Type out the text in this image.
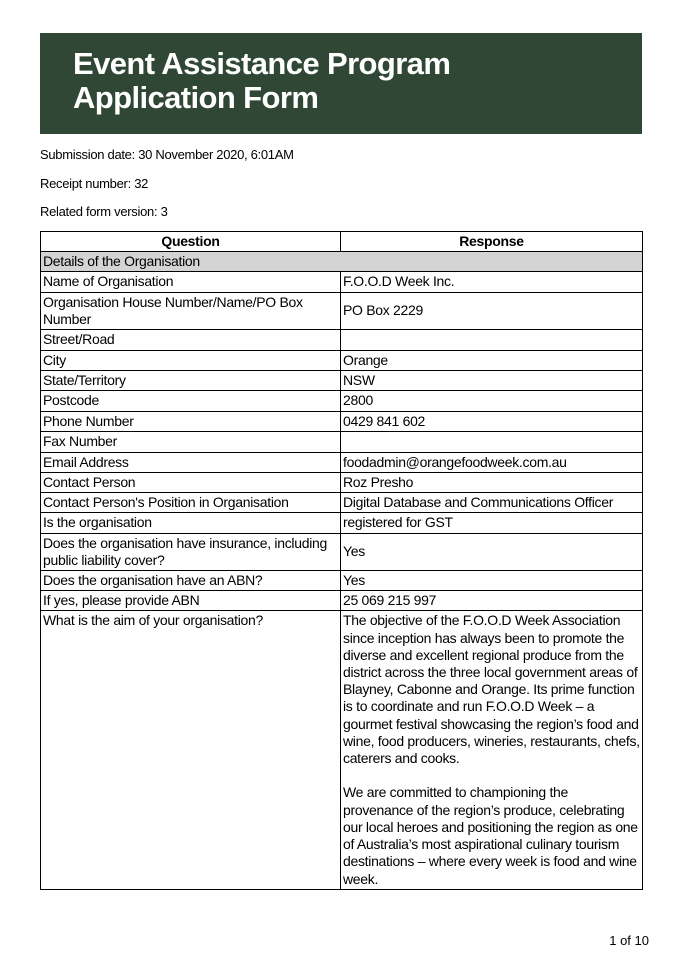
Event Assistance Program
Application Form
Submission date: 30 November 2020, 6:01AM
Receipt number: 32
Related form version: 3
Question	Response
Details of the Organisation	
Name of Organisation	F.O.O.D Week Inc.
Organisation House Number/Name/PO Box Number	PO Box 2229
Street/Road	
City	Orange
State/Territory	NSW
Postcode	2800
Phone Number	0429 841 602
Fax Number	
Email Address	foodadmin@orangefoodweek.com.au
Contact Person	Roz Presho
Contact Person's Position in Organisation	Digital Database and Communications Officer
Is the organisation	registered for GST
Does the organisation have insurance, including public liability cover?	Yes
Does the organisation have an ABN?	Yes
If yes, please provide ABN	25 069 215 997
What is the aim of your organisation?	The objective of the F.O.O.D Week Association since inception has always been to promote the diverse and excellent regional produce from the district across the three local government areas of Blayney, Cabonne and Orange. Its prime function is to coordinate and run F.O.O.D Week – a gourmet festival showcasing the region’s food and wine, food producers, wineries, restaurants, chefs, caterers and cooks.

We are committed to championing the provenance of the region’s produce, celebrating our local heroes and positioning the region as one of Australia’s most aspirational culinary tourism destinations – where every week is food and wine week.
1 of 10
